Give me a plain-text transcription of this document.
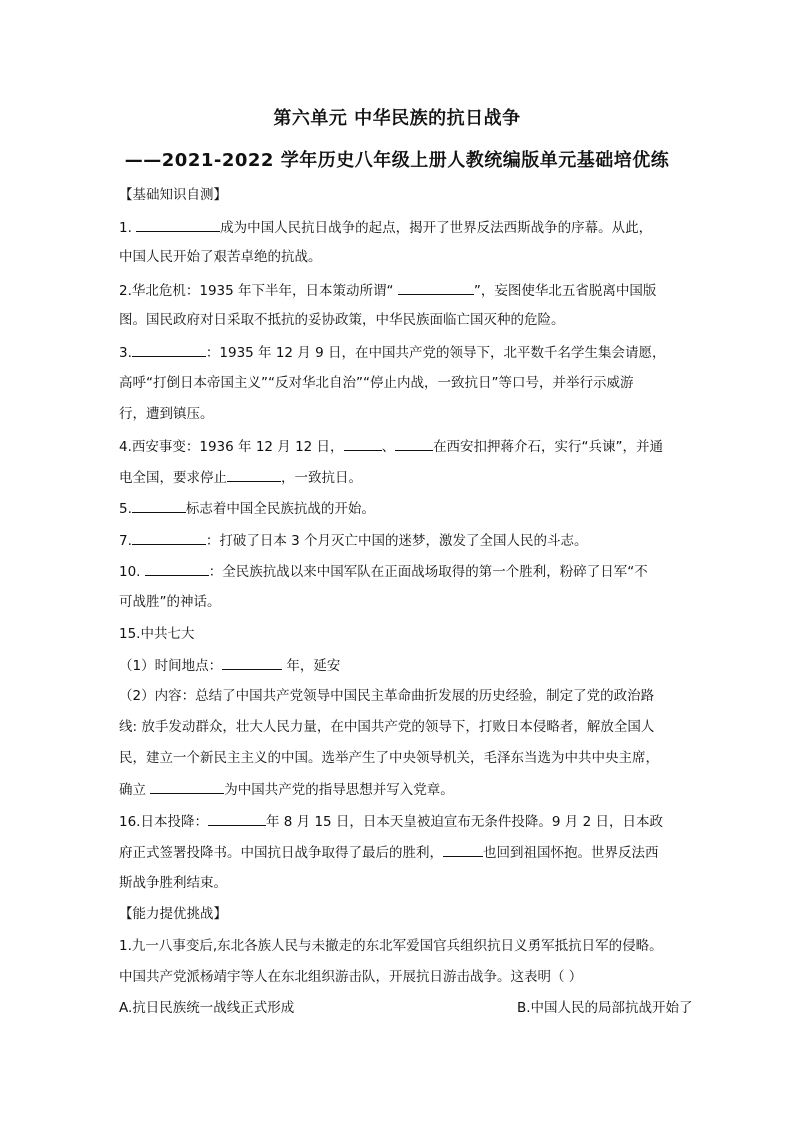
第六单元 中华民族的抗日战争
——2021-2022 学年历史八年级上册人教统编版单元基础培优练
【基础知识自测】
1.	成为中国人民抗日战争的起点，揭开了世界反法西斯战争的序幕。从此，
中国人民开始了艰苦卓绝的抗战。
2.华北危机：1935 年下半年，日本策动所谓“	”，妄图使华北五省脱离中国版
图。国民政府对日采取不抵抗的妥协政策，中华民族面临亡国灭种的危险。
3.	：1935 年 12 月 9 日，在中国共产党的领导下，北平数千名学生集会请愿，
高呼“打倒日本帝国主义”“反对华北自治”“停止内战，一致抗日”等口号，并举行示威游
行，遭到镇压。
4.西安事变：1936 年 12 月 12 日，	、	在西安扣押蒋介石，实行“兵谏”，并通
电全国，要求停止	，一致抗日。
5.	标志着中国全民族抗战的开始。
7.	：打破了日本 3 个月灭亡中国的迷梦，激发了全国人民的斗志。
10.	：全民族抗战以来中国军队在正面战场取得的第一个胜利，粉碎了日军“不
可战胜”的神话。
15.中共七大
（1）时间地点：	年，延安
（2）内容：总结了中国共产党领导中国民主革命曲折发展的历史经验，制定了党的政治路
线: 放手发动群众，壮大人民力量，在中国共产党的领导下，打败日本侵略者，解放全国人
民，建立一个新民主主义的中国。选举产生了中央领导机关，毛泽东当选为中共中央主席，
确立	为中国共产党的指导思想并写入党章。
16.日本投降：	年 8 月 15 日，日本天皇被迫宣布无条件投降。9 月 2 日，日本政
府正式签署投降书。中国抗日战争取得了最后的胜利，	也回到祖国怀抱。世界反法西
斯战争胜利结束。
【能力提优挑战】
1.九一八事变后,东北各族人民与未撤走的东北军爱国官兵组织抗日义勇军抵抗日军的侵略。
中国共产党派杨靖宇等人在东北组织游击队，开展抗日游击战争。这表明（ ）
A.抗日民族统一战线正式形成	B.中国人民的局部抗战开始了
